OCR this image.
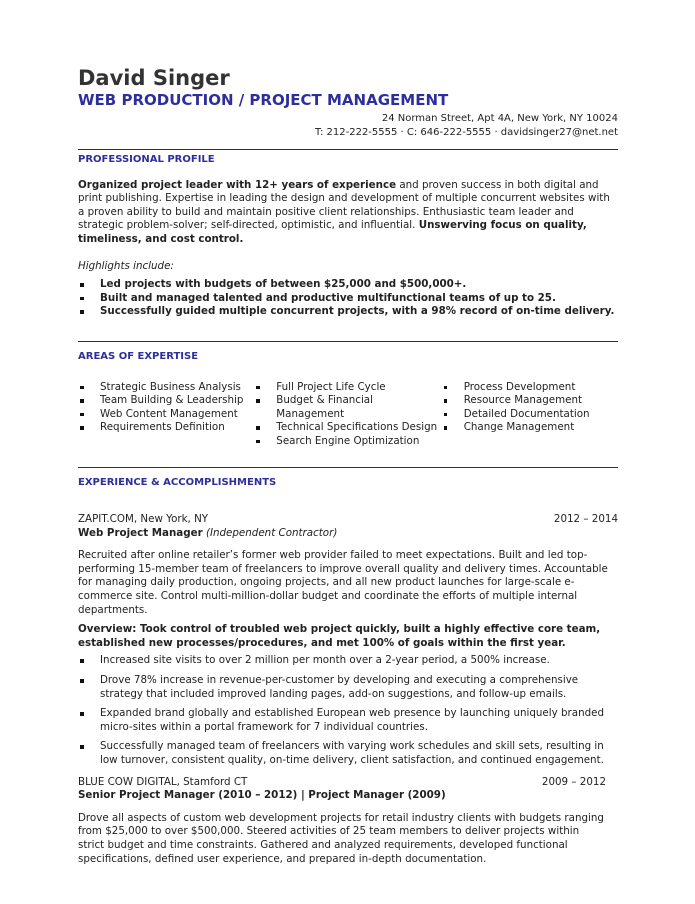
David Singer
WEB PRODUCTION / PROJECT MANAGEMENT
24 Norman Street, Apt 4A, New York, NY 10024
T: 212-222-5555 · C: 646-222-5555 · davidsinger27@net.net
PROFESSIONAL PROFILE

Organized project leader with 12+ years of experience and proven success in both digital and print publishing. Expertise in leading the design and development of multiple concurrent websites with a proven ability to build and maintain positive client relationships. Enthusiastic team leader and strategic problem-solver; self-directed, optimistic, and influential. Unswerving focus on quality, timeliness, and cost control.

Highlights include:
Led projects with budgets of between $25,000 and $500,000+.
Built and managed talented and productive multifunctional teams of up to 25.
Successfully guided multiple concurrent projects, with a 98% record of on-time delivery.
AREAS OF EXPERTISE
Strategic Business Analysis
Team Building & Leadership
Web Content Management
Requirements Definition
Full Project Life Cycle
Budget & Financial Management
Technical Specifications Design
Search Engine Optimization
Process Development
Resource Management
Detailed Documentation
Change Management
EXPERIENCE & ACCOMPLISHMENTS
ZAPIT.COM, New York, NY	2012 – 2014
Web Project Manager (Independent Contractor)

Recruited after online retailer’s former web provider failed to meet expectations. Built and led top-performing 15-member team of freelancers to improve overall quality and delivery times. Accountable for managing daily production, ongoing projects, and all new product launches for large-scale e-commerce site. Control multi-million-dollar budget and coordinate the efforts of multiple internal departments.

Overview: Took control of troubled web project quickly, built a highly effective core team, established new processes/procedures, and met 100% of goals within the first year.

Increased site visits to over 2 million per month over a 2-year period, a 500% increase.
Drove 78% increase in revenue-per-customer by developing and executing a comprehensive strategy that included improved landing pages, add-on suggestions, and follow-up emails.
Expanded brand globally and established European web presence by launching uniquely branded micro-sites within a portal framework for 7 individual countries.
Successfully managed team of freelancers with varying work schedules and skill sets, resulting in low turnover, consistent quality, on-time delivery, client satisfaction, and continued engagement.
BLUE COW DIGITAL, Stamford CT	2009 – 2012
Senior Project Manager (2010 – 2012) | Project Manager (2009)

Drove all aspects of custom web development projects for retail industry clients with budgets ranging from $25,000 to over $500,000. Steered activities of 25 team members to deliver projects within strict budget and time constraints. Gathered and analyzed requirements, developed functional specifications, defined user experience, and prepared in-depth documentation.
